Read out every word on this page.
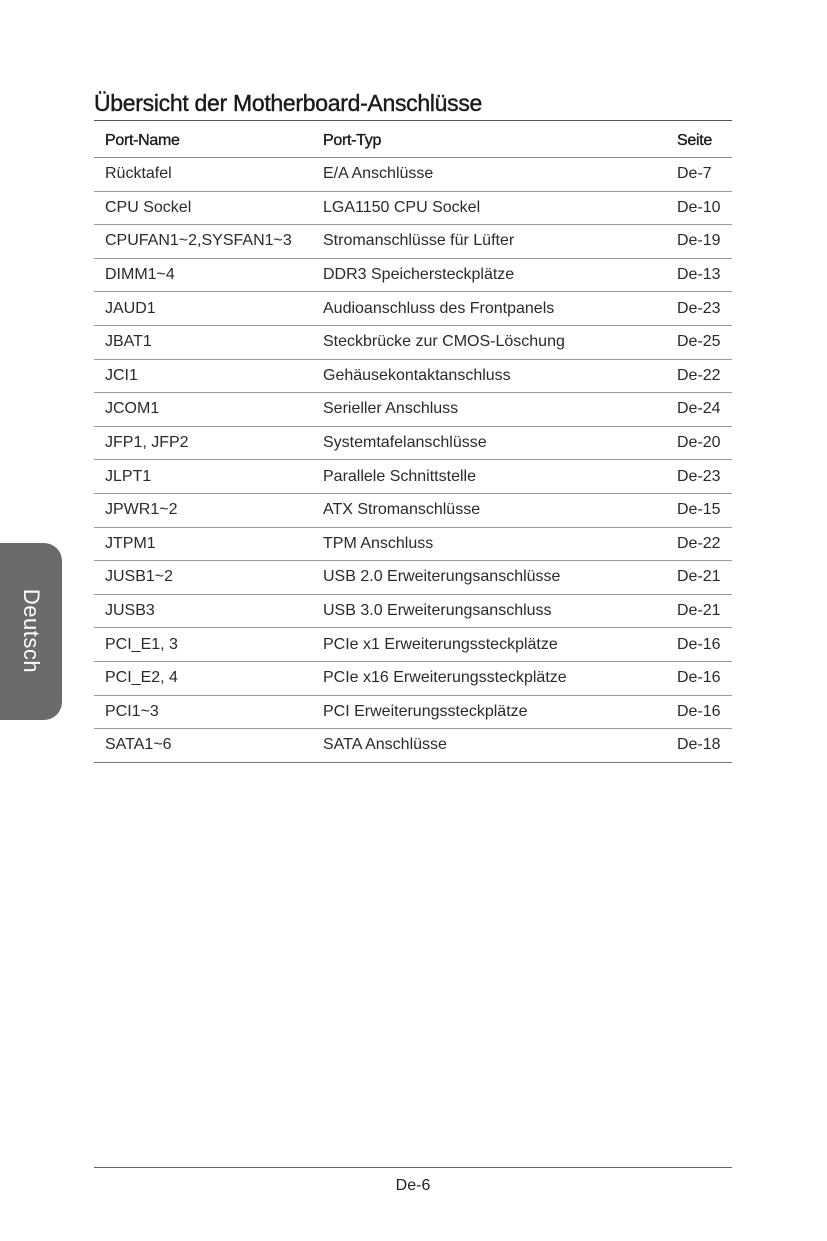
Übersicht der Motherboard-Anschlüsse
Port-Name	Port-Typ	Seite
Rücktafel	E/A Anschlüsse	De-7
CPU Sockel	LGA1150 CPU Sockel	De-10
CPUFAN1~2,SYSFAN1~3	Stromanschlüsse für Lüfter	De-19
DIMM1~4	DDR3 Speichersteckplätze	De-13
JAUD1	Audioanschluss des Frontpanels	De-23
JBAT1	Steckbrücke zur CMOS-Löschung	De-25
JCI1	Gehäusekontaktanschluss	De-22
JCOM1	Serieller Anschluss	De-24
JFP1, JFP2	Systemtafelanschlüsse	De-20
JLPT1	Parallele Schnittstelle	De-23
JPWR1~2	ATX Stromanschlüsse	De-15
JTPM1	TPM Anschluss	De-22
JUSB1~2	USB 2.0 Erweiterungsanschlüsse	De-21
JUSB3	USB 3.0 Erweiterungsanschluss	De-21
PCI_E1, 3	PCIe x1 Erweiterungssteckplätze	De-16
PCI_E2, 4	PCIe x16 Erweiterungssteckplätze	De-16
PCI1~3	PCI Erweiterungssteckplätze	De-16
SATA1~6	SATA Anschlüsse	De-18
Deutsch
De-6
